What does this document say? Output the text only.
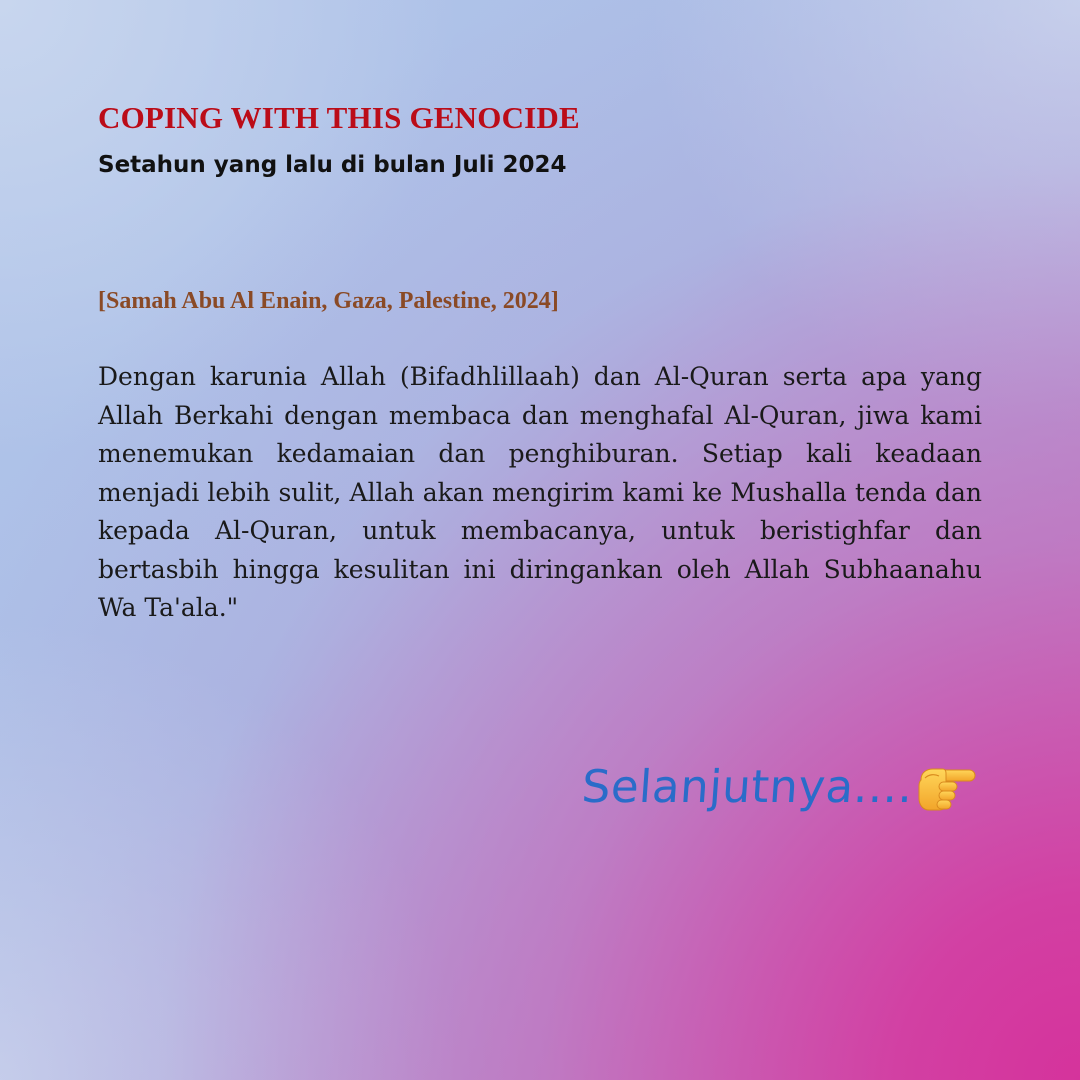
COPING WITH THIS GENOCIDE
Setahun yang lalu di bulan Juli 2024

[Samah Abu Al Enain, Gaza, Palestine, 2024]

Dengan karunia Allah (Bifadhlillaah) dan Al-Quran serta apa yang Allah Berkahi dengan membaca dan menghafal Al-Quran, jiwa kami menemukan kedamaian dan penghiburan. Setiap kali keadaan menjadi lebih sulit, Allah akan mengirim kami ke Mushalla tenda dan kepada Al-Quran, untuk membacanya, untuk beristighfar dan bertasbih hingga kesulitan ini diringankan oleh Allah Subhaanahu Wa Ta'ala."

Selanjutnya....
